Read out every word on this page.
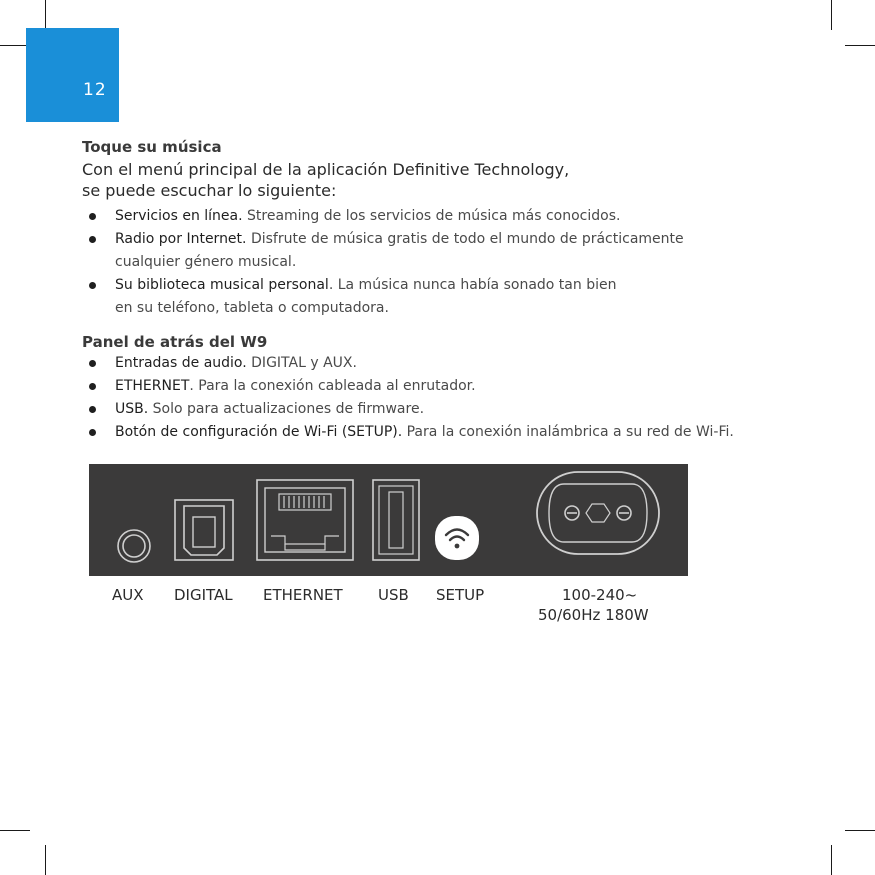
12
Toque su música
Con el menú principal de la aplicación Definitive Technology,
se puede escuchar lo siguiente:
Servicios en línea. Streaming de los servicios de música más conocidos.
Radio por Internet. Disfrute de música gratis de todo el mundo de prácticamente
cualquier género musical.
Su biblioteca musical personal. La música nunca había sonado tan bien
en su teléfono, tableta o computadora.
Panel de atrás del W9
Entradas de audio. DIGITAL y AUX.
ETHERNET. Para la conexión cableada al enrutador.
USB. Solo para actualizaciones de firmware.
Botón de configuración de Wi-Fi (SETUP). Para la conexión inalámbrica a su red de Wi-Fi.
AUX DIGITAL ETHERNET USB SETUP	100-240~
50/60Hz 180W
